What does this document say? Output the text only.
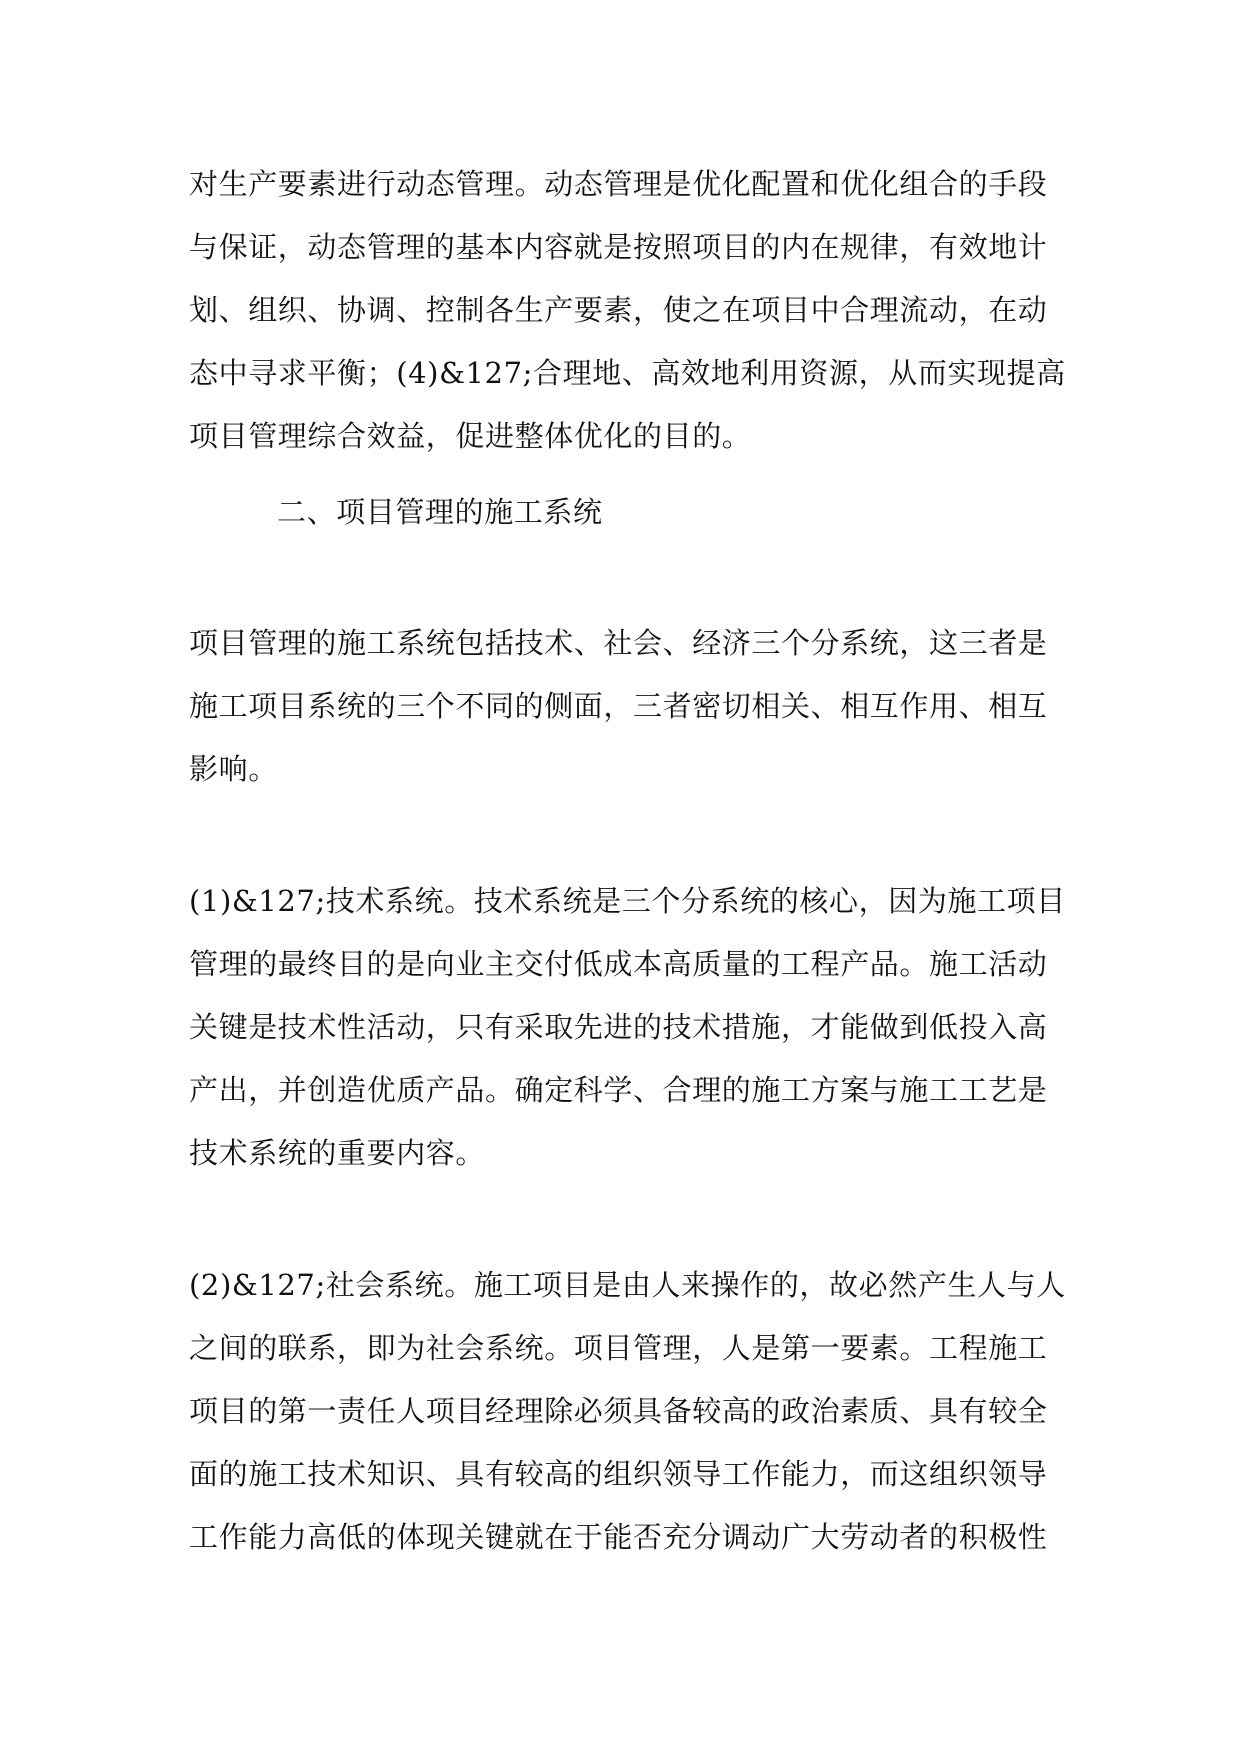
对生产要素进行动态管理。动态管理是优化配置和优化组合的手段
与保证，动态管理的基本内容就是按照项目的内在规律，有效地计
划、组织、协调、控制各生产要素，使之在项目中合理流动，在动
态中寻求平衡；(4)&127;合理地、高效地利用资源，从而实现提高
项目管理综合效益，促进整体优化的目的。
二、项目管理的施工系统
项目管理的施工系统包括技术、社会、经济三个分系统，这三者是
施工项目系统的三个不同的侧面，三者密切相关、相互作用、相互
影响。
(1)&127;技术系统。技术系统是三个分系统的核心，因为施工项目
管理的最终目的是向业主交付低成本高质量的工程产品。施工活动
关键是技术性活动，只有采取先进的技术措施，才能做到低投入高
产出，并创造优质产品。确定科学、合理的施工方案与施工工艺是
技术系统的重要内容。
(2)&127;社会系统。施工项目是由人来操作的，故必然产生人与人
之间的联系，即为社会系统。项目管理，人是第一要素。工程施工
项目的第一责任人项目经理除必须具备较高的政治素质、具有较全
面的施工技术知识、具有较高的组织领导工作能力，而这组织领导
工作能力高低的体现关键就在于能否充分调动广大劳动者的积极性
